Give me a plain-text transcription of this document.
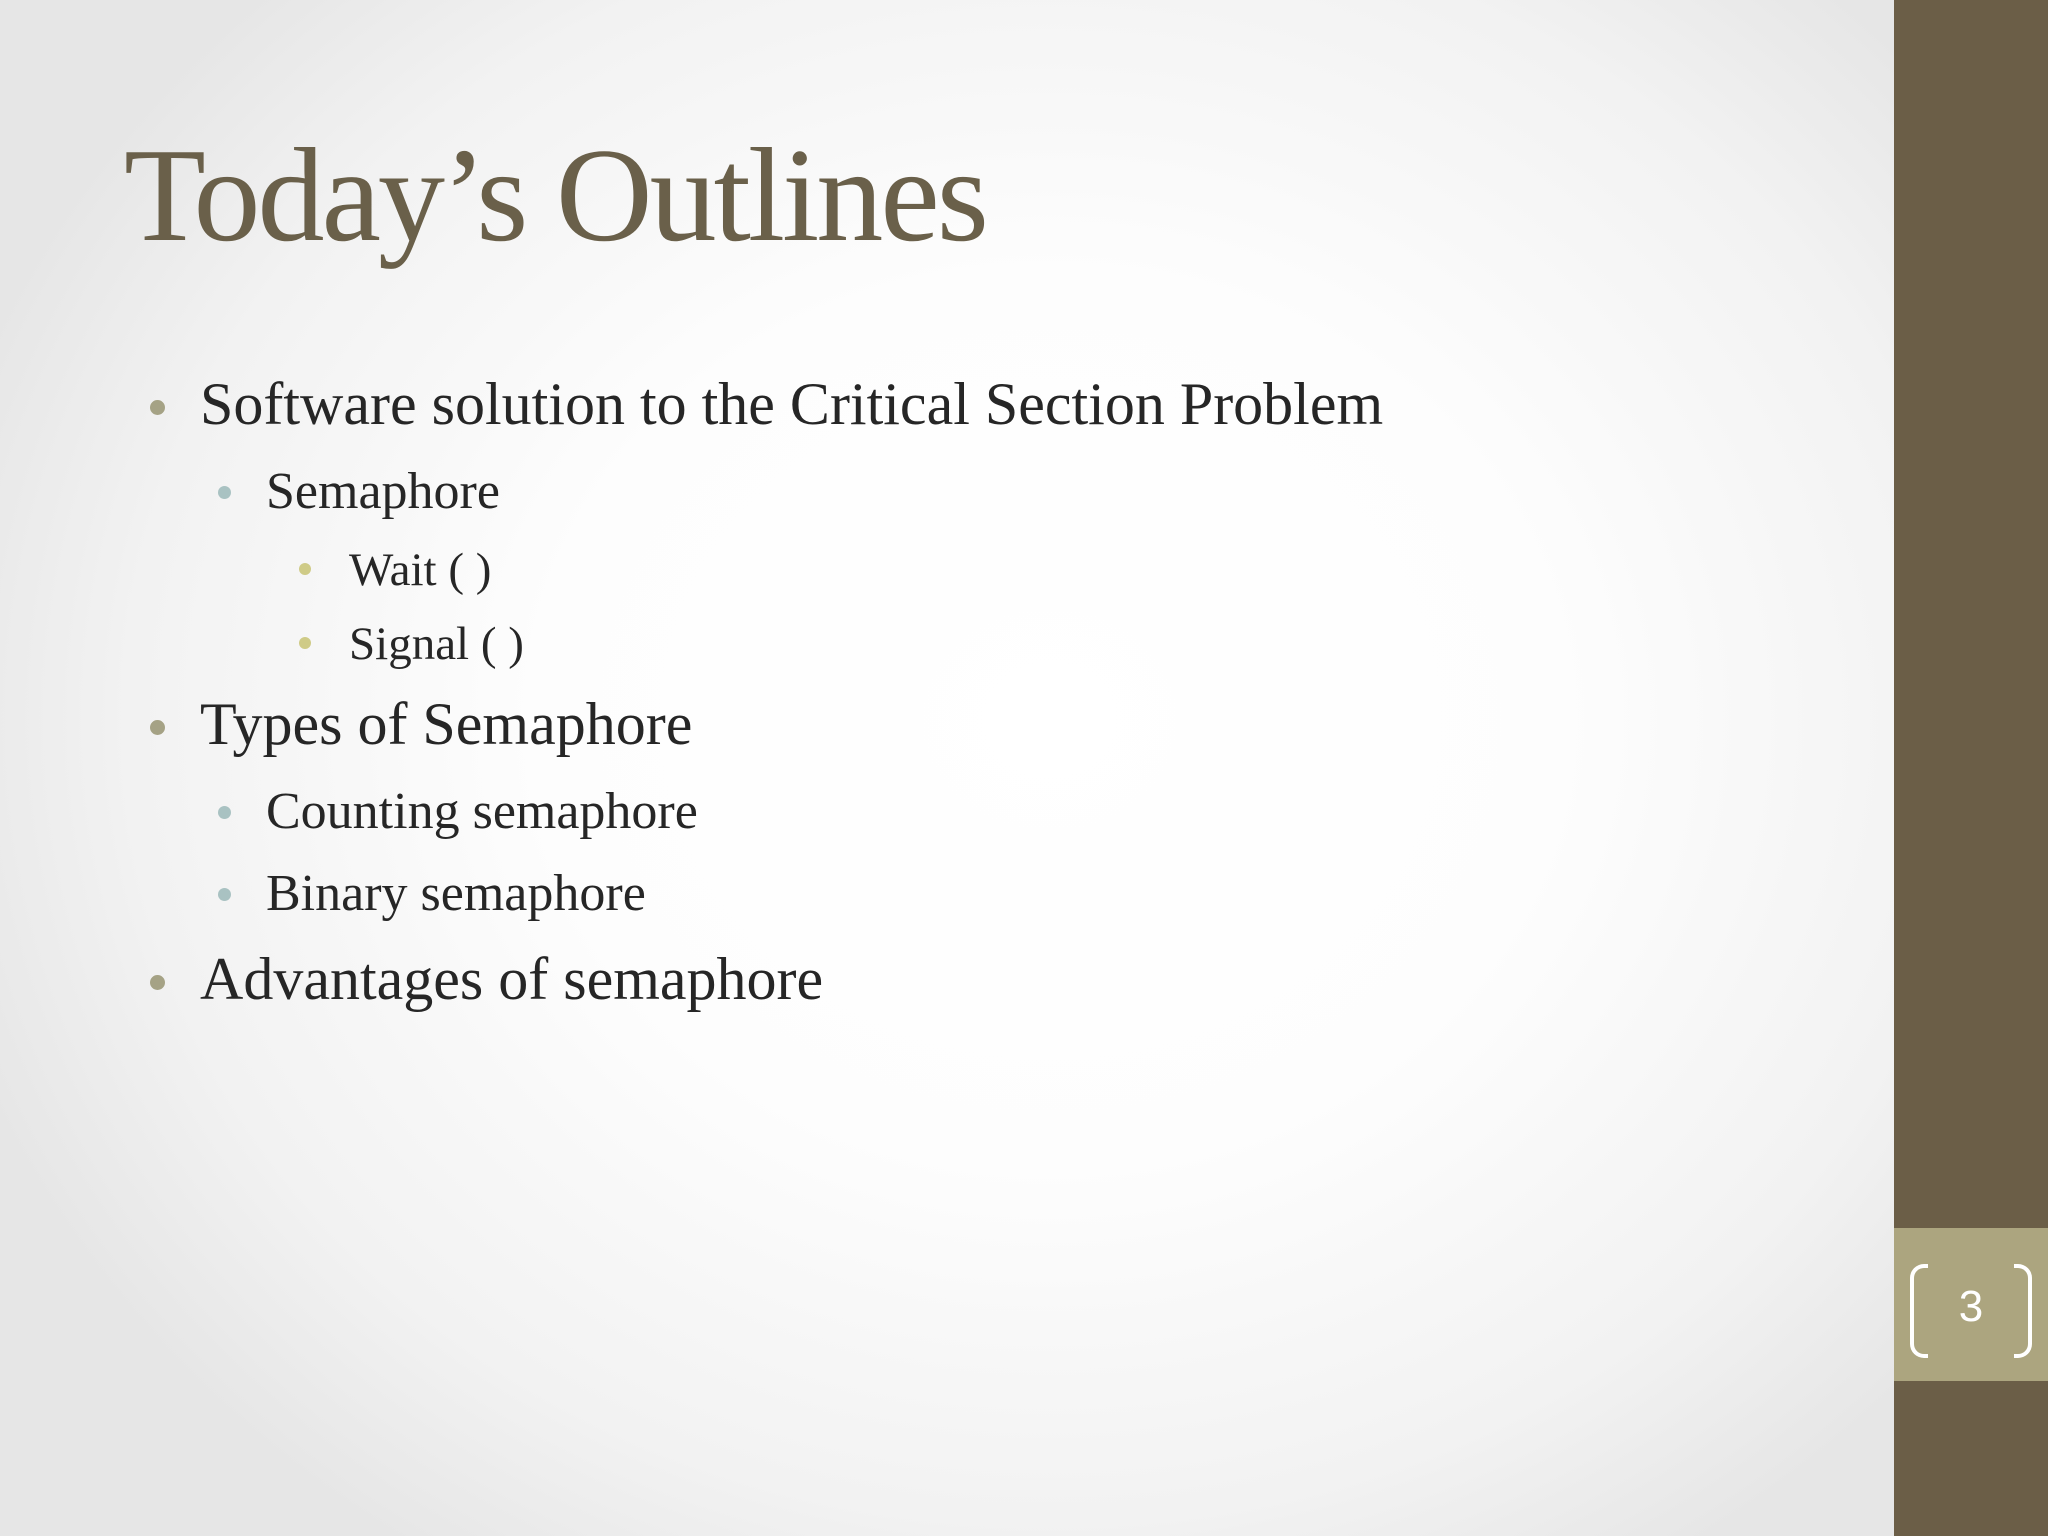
3
Today’s Outlines
Software solution to the Critical Section Problem
Semaphore
Wait ( )
Signal ( )
Types of Semaphore
Counting semaphore
Binary semaphore
Advantages of semaphore
